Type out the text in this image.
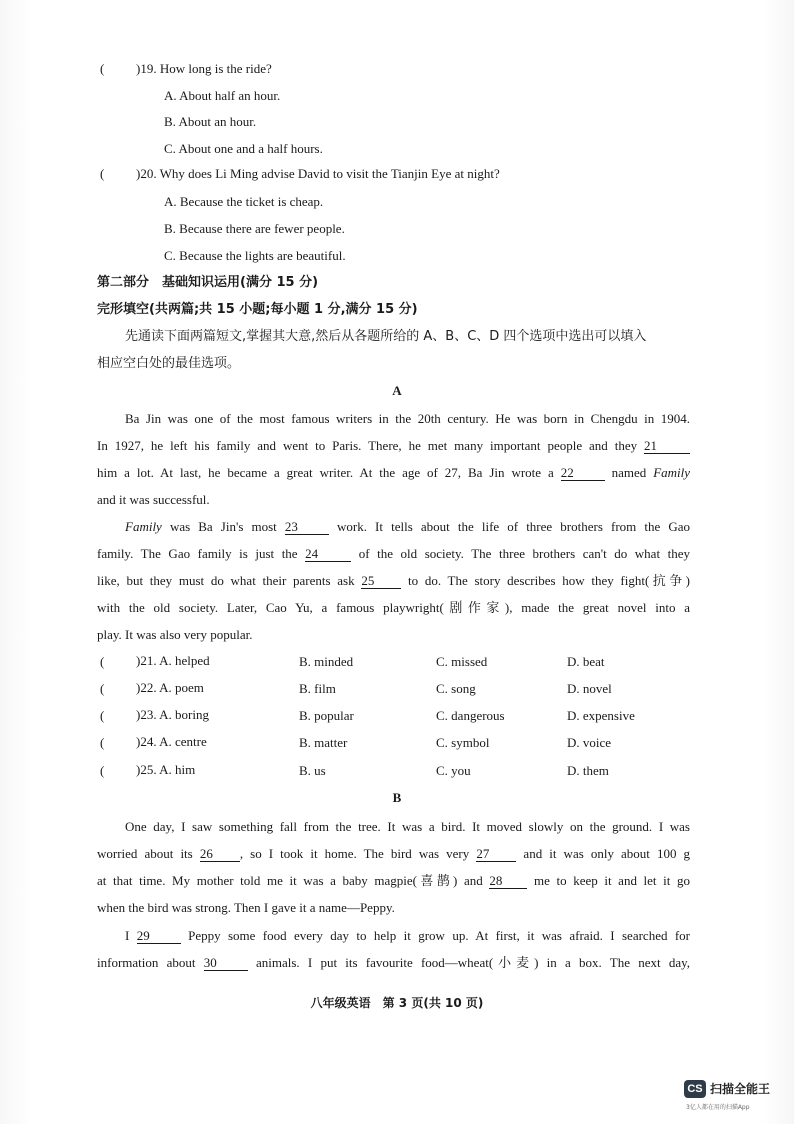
( )19. How long is the ride?
A. About half an hour.
B. About an hour.
C. About one and a half hours.
( )20. Why does Li Ming advise David to visit the Tianjin Eye at night?
A. Because the ticket is cheap.
B. Because there are fewer people.
C. Because the lights are beautiful.
第二部分　基础知识运用(满分 15 分)
完形填空(共两篇;共 15 小题;每小题 1 分,满分 15 分)
先通读下面两篇短文,掌握其大意,然后从各题所给的 A、B、C、D 四个选项中选出可以填入
相应空白处的最佳选项。
A
Ba Jin was one of the most famous writers in the 20th century. He was born in Chengdu in 1904.
In 1927, he left his family and went to Paris. There, he met many important people and they 21
him a lot. At last, he became a great writer. At the age of 27, Ba Jin wrote a 22	named Family
and it was successful.
Family was Ba Jin's most 23	work. It tells about the life of three brothers from the Gao
family. The Gao family is just the 24	of the old society. The three brothers can't do what they
like, but they must do what their parents ask 25	to do. The story describes how they fight(抗争)
with the old society. Later, Cao Yu, a famous playwright(剧作家), made the great novel into a
play. It was also very popular.
( )21. A. helped	B. minded	C. missed	D. beat
( )22. A. poem	B. film	C. song	D. novel
( )23. A. boring	B. popular	C. dangerous	D. expensive
( )24. A. centre	B. matter	C. symbol	D. voice
( )25. A. him	B. us	C. you	D. them
B
One day, I saw something fall from the tree. It was a bird. It moved slowly on the ground. I was
worried about its 26 , so I took it home. The bird was very 27	and it was only about 100 g
at that time. My mother told me it was a baby magpie(喜鹊) and 28 me to keep it and let it go
when the bird was strong. Then I gave it a name—Peppy.
I 29	Peppy some food every day to help it grow up. At first, it was afraid. I searched for
information about 30	animals. I put its favourite food—wheat(小麦) in a box. The next day,
八年级英语　第 3 页(共 10 页)
CS 扫描全能王
3亿人都在用的扫描App
